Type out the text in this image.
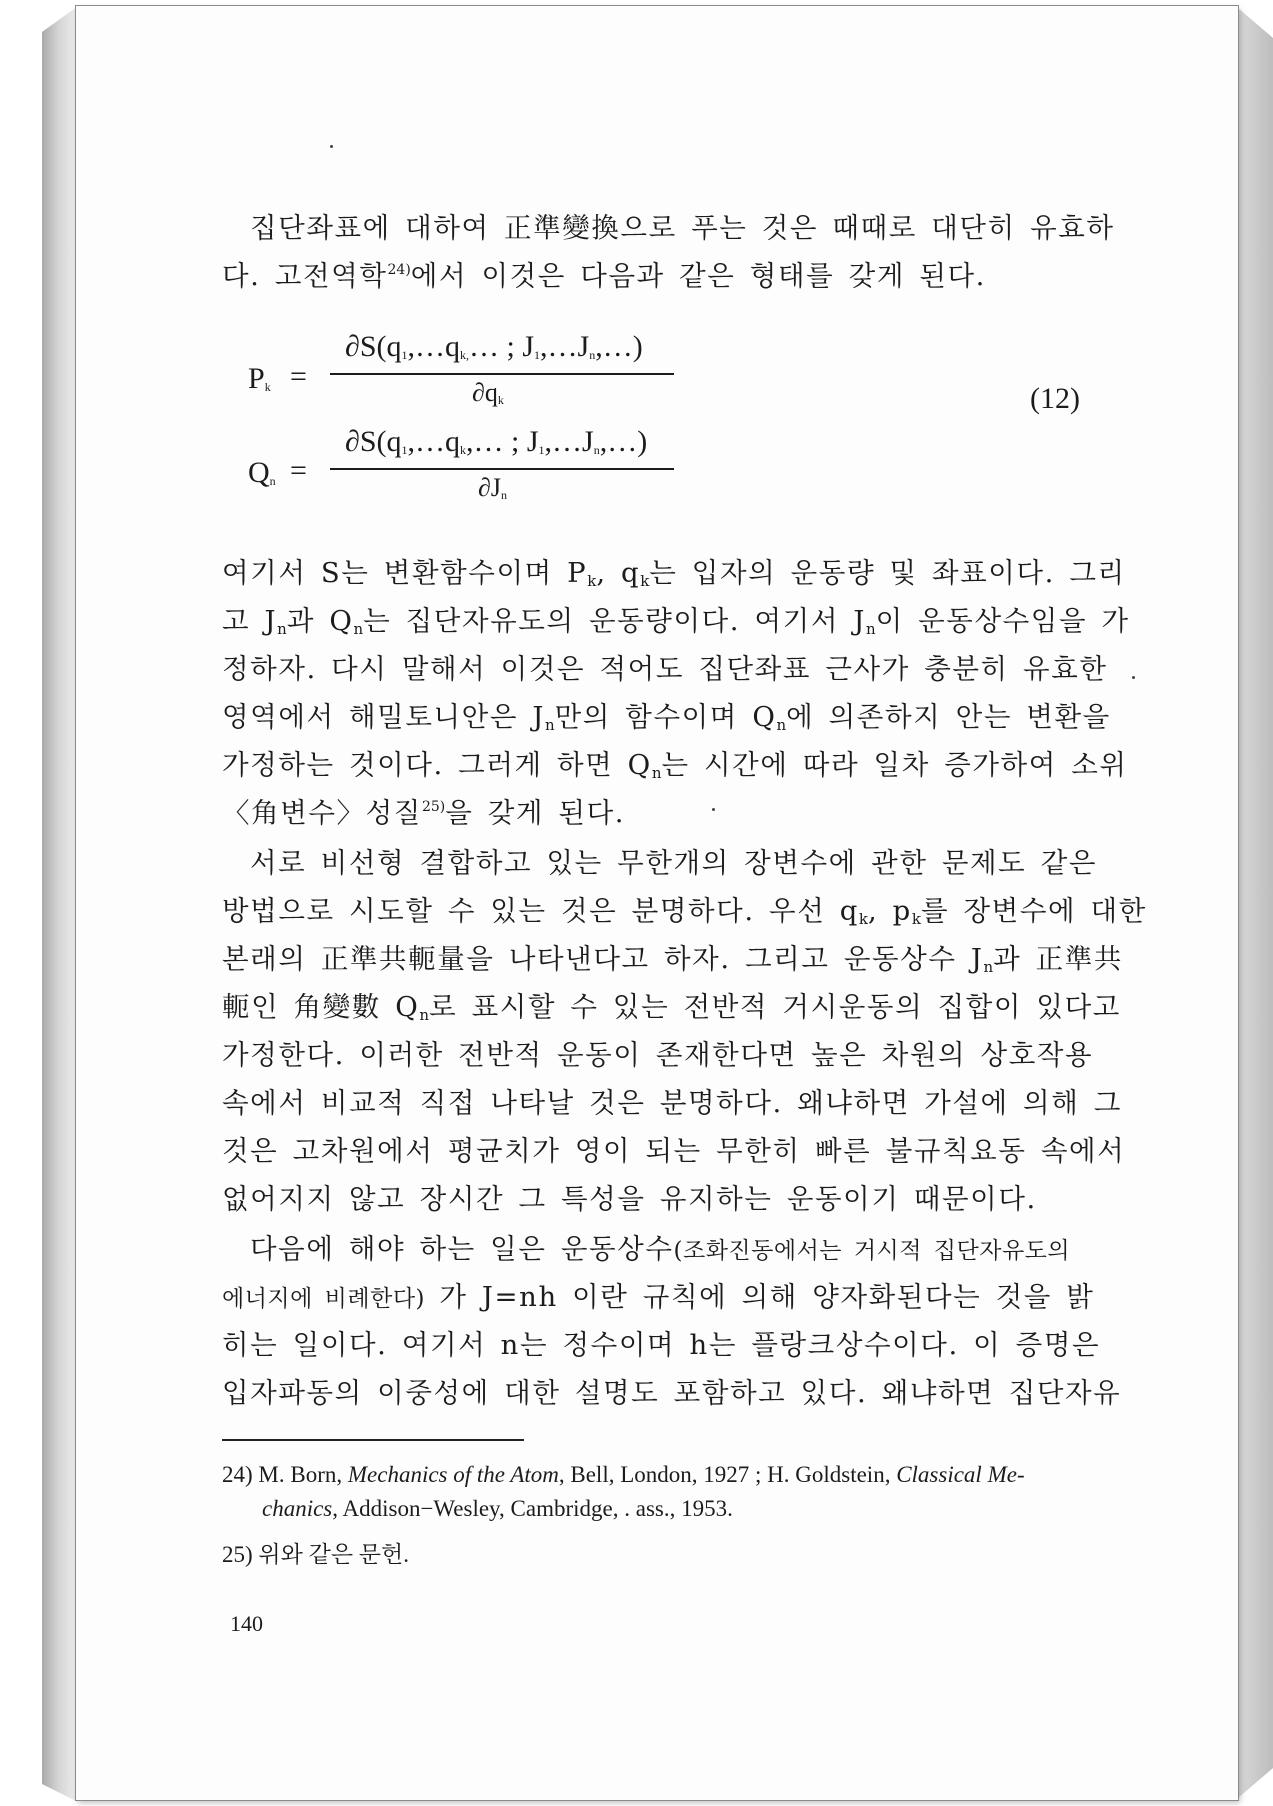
집단좌표에 대하여 正準變換으로 푸는 것은 때때로 대단히 유효하
다. 고전역학$^{24)}$에서 이것은 다음과 같은 형태를 갖게 된다.
Pk =
∂S(q1,…qk,… ; J1,…Jn,…)
∂qk	(12)
Qn =
∂S(q1,…qk,… ; J1,…Jn,…)
∂Jn
여기서 S는 변환함수이며 $P_k$, $q_k$는 입자의 운동량 및 좌표이다. 그리
고 $J_n$과 $Q_n$는 집단자유도의 운동량이다. 여기서 $J_n$이 운동상수임을 가
정하자. 다시 말해서 이것은 적어도 집단좌표 근사가 충분히 유효한
영역에서 해밀토니안은 $J_n$만의 함수이며 $Q_n$에 의존하지 안는 변환을
가정하는 것이다. 그러게 하면 $Q_n$는 시간에 따라 일차 증가하여 소위
〈角변수〉성질$^{25)}$을 갖게 된다.
서로 비선형 결합하고 있는 무한개의 장변수에 관한 문제도 같은
방법으로 시도할 수 있는 것은 분명하다. 우선 $q_k$, $p_k$를 장변수에 대한
본래의 正準共軛量을 나타낸다고 하자. 그리고 운동상수 $J_n$과 正準共
軛인 角變數 $Q_n$로 표시할 수 있는 전반적 거시운동의 집합이 있다고
가정한다. 이러한 전반적 운동이 존재한다면 높은 차원의 상호작용
속에서 비교적 직접 나타날 것은 분명하다. 왜냐하면 가설에 의해 그
것은 고차원에서 평균치가 영이 되는 무한히 빠른 불규칙요동 속에서
없어지지 않고 장시간 그 특성을 유지하는 운동이기 때문이다.
다음에 해야 하는 일은 운동상수(조화진동에서는 거시적 집단자유도의
에너지에 비례한다) 가 J=nh 이란 규칙에 의해 양자화된다는 것을 밝
히는 일이다. 여기서 n는 정수이며 h는 플랑크상수이다. 이 증명은
입자파동의 이중성에 대한 설명도 포함하고 있다. 왜냐하면 집단자유
24) M. Born, Mechanics of the Atom, Bell, London, 1927 ; H. Goldstein, Classical Me-
chanics, Addison−Wesley, Cambridge, . ass., 1953.
25) 위와 같은 문헌.
140
